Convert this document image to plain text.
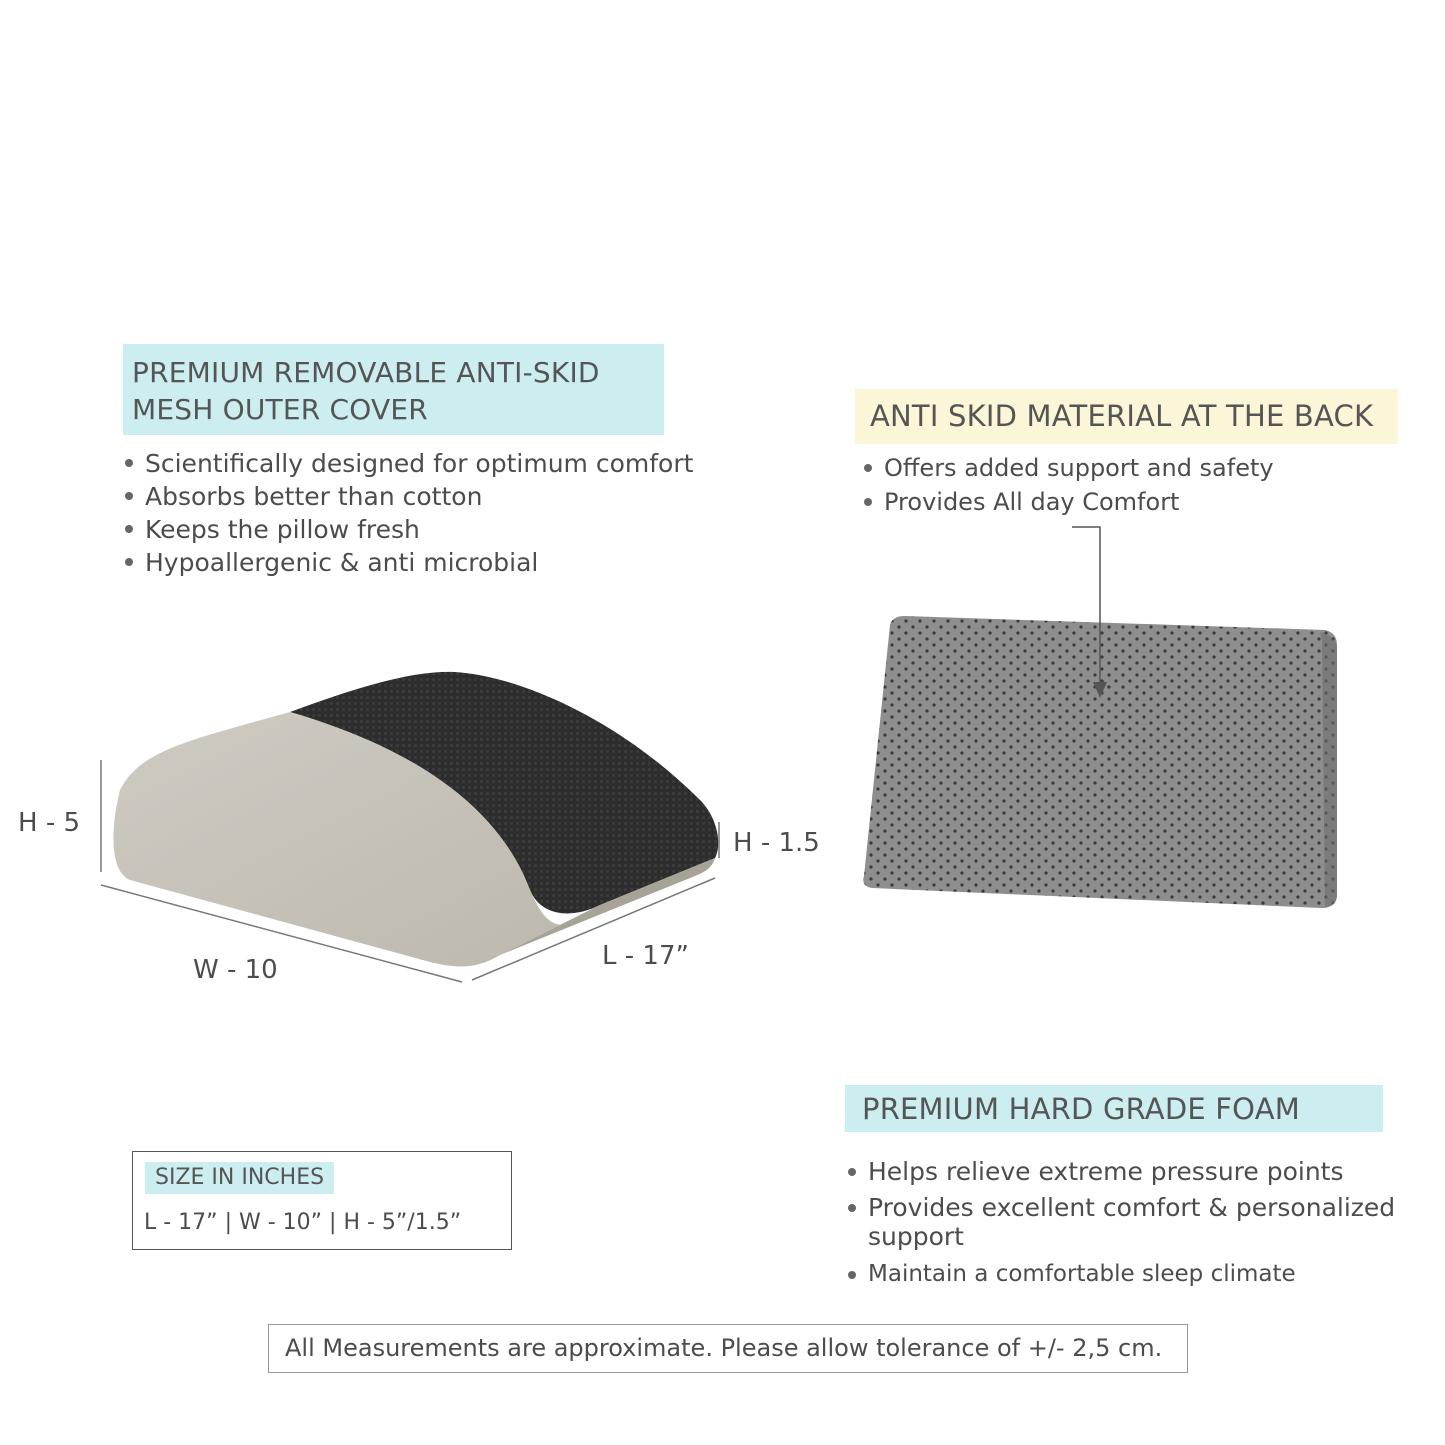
PREMIUM REMOVABLE ANTI-SKID
MESH OUTER COVER
Scientifically designed for optimum comfort
Absorbs better than cotton
Keeps the pillow fresh
Hypoallergenic & anti microbial
ANTI SKID MATERIAL AT THE BACK
Offers added support and safety
Provides All day Comfort
H - 5
H - 1.5
W - 10	L - 17”
PREMIUM HARD GRADE FOAM
Helps relieve extreme pressure points
Provides excellent comfort & personalized
support
Maintain a comfortable sleep climate
SIZE IN INCHES
L - 17” | W - 10” | H - 5”/1.5”
All Measurements are approximate. Please allow tolerance of +/- 2,5 cm.
